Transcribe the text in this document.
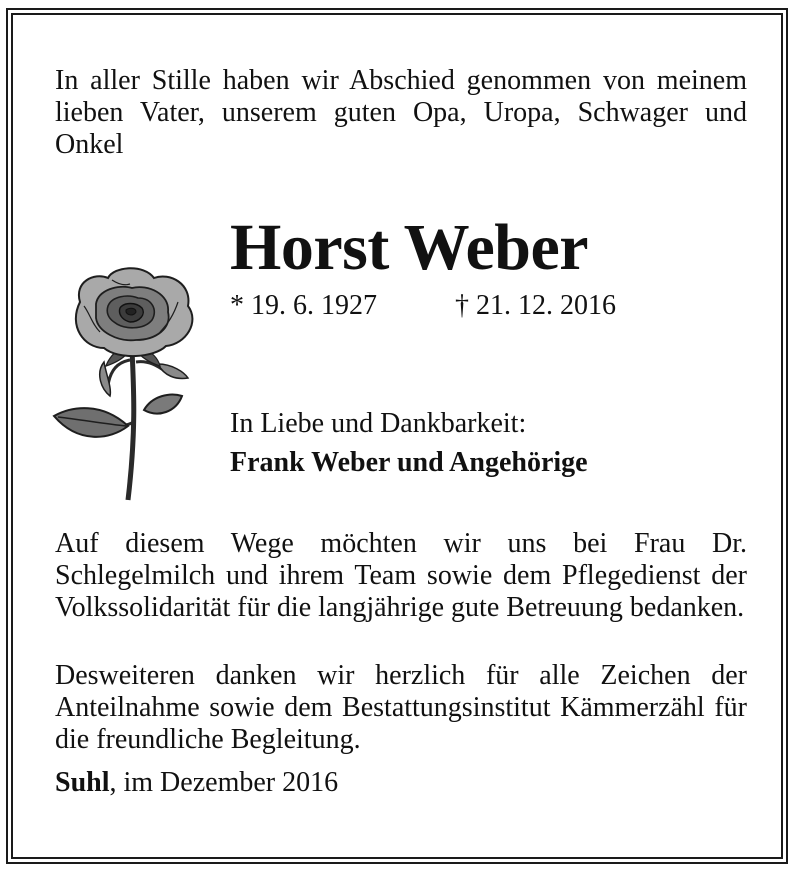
In aller Stille haben wir Abschied genommen von meinem lieben Vater, unserem guten Opa, Uropa, Schwager und Onkel
Horst Weber
* 19. 6. 1927	† 21. 12. 2016
In Liebe und Dankbarkeit:
Frank Weber und Angehörige
Auf diesem Wege möchten wir uns bei Frau Dr. Schlegelmilch und ihrem Team sowie dem Pflegedienst der Volkssolidarität für die langjährige gute Betreuung bedanken.
Desweiteren danken wir herzlich für alle Zeichen der Anteilnahme sowie dem Bestattungsinstitut Kämmerzähl für die freundliche Begleitung.
Suhl, im Dezember 2016
